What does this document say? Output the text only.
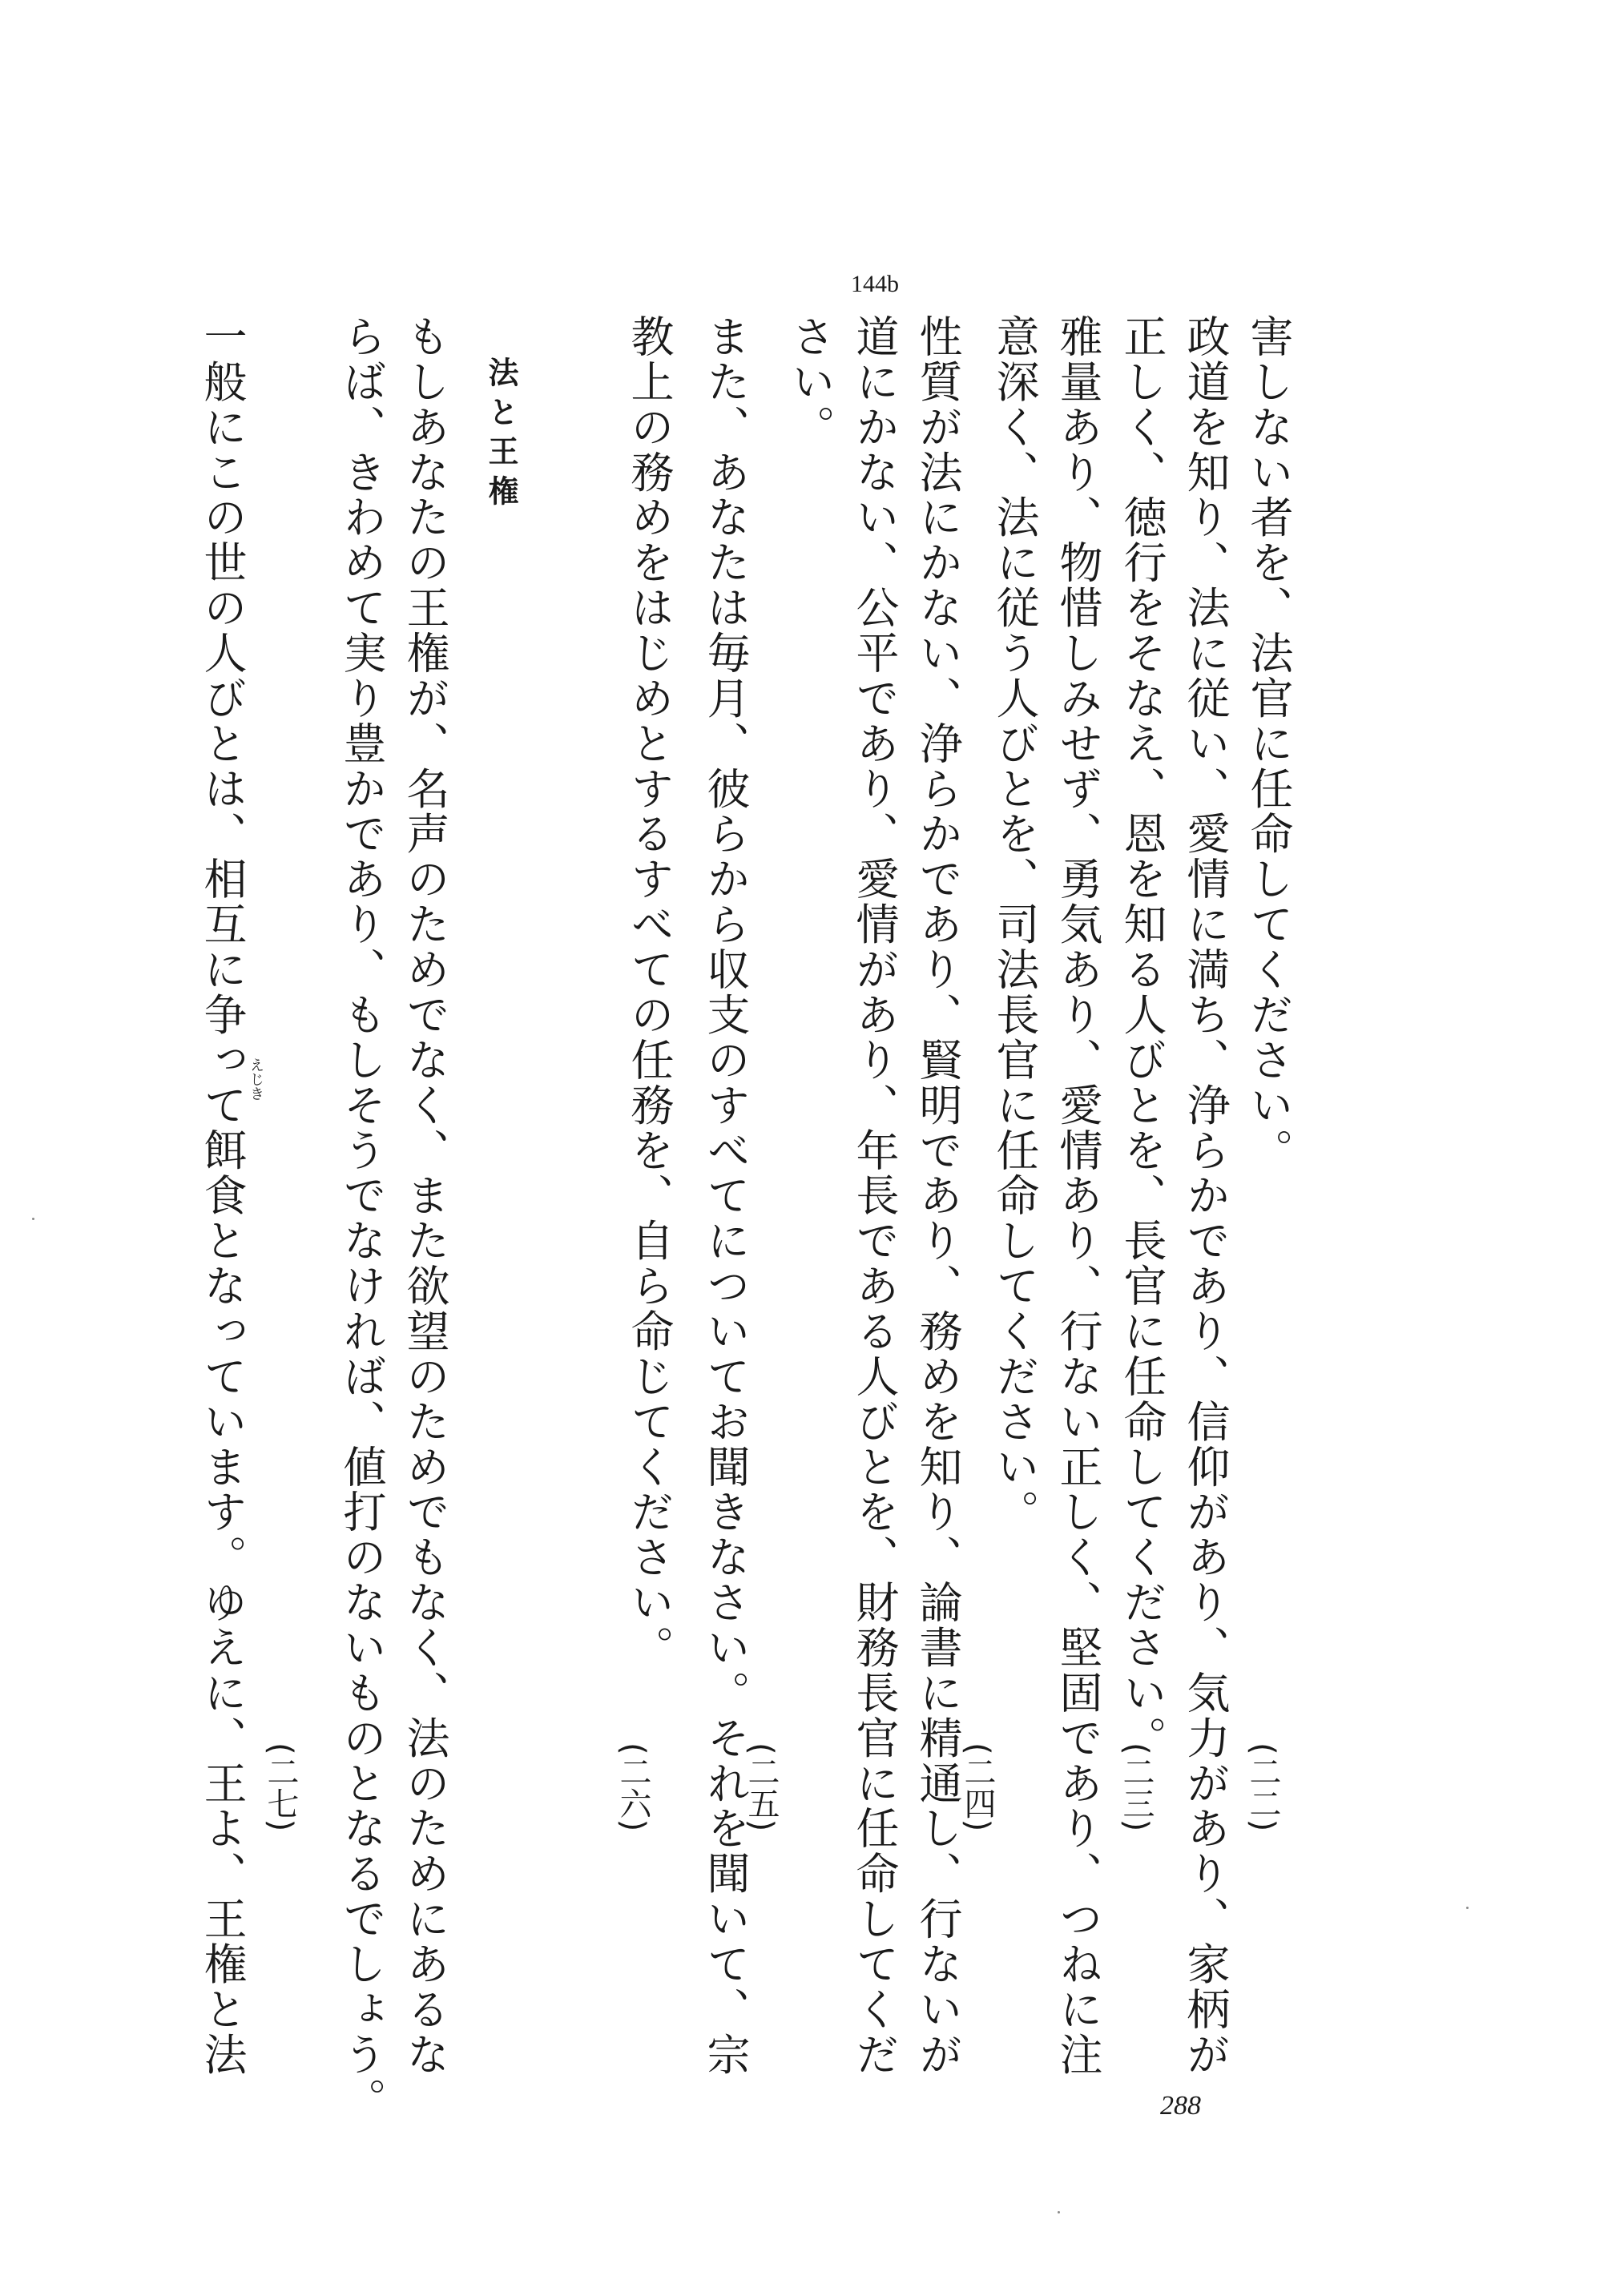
144b
害しない者を、法官に任命してください。
政道を知り、法に従い、愛情に満ち、浄らかであり、信仰があり、気力があり、家柄が
正しく、徳行をそなえ、恩を知る人びとを、長官に任命してください。
雅量あり、物惜しみせず、勇気あり、愛情あり、行ない正しく、堅固であり、つねに注
意深く、法に従う人びとを、司法長官に任命してください。
性質が法にかない、浄らかであり、賢明であり、務めを知り、論書に精通し、行ないが
道にかない、公平であり、愛情があり、年長である人びとを、財務長官に任命してくだ
さい。
また、あなたは毎月、彼らから収支のすべてについてお聞きなさい。それを聞いて、宗
教上の務めをはじめとするすべての任務を、自ら命じてください。
法と王権
もしあなたの王権が、名声のためでなく、また欲望のためでもなく、法のためにあるな
らば、きわめて実り豊かであり、もしそうでなければ、値打のないものとなるでしょう。
一般にこの世の人びとは、相互に争って餌食となっています。ゆえに、王よ、王権と法	(二二)
(二三)
(二四)
(二五)
(二六)
(二七)
えじき
288
